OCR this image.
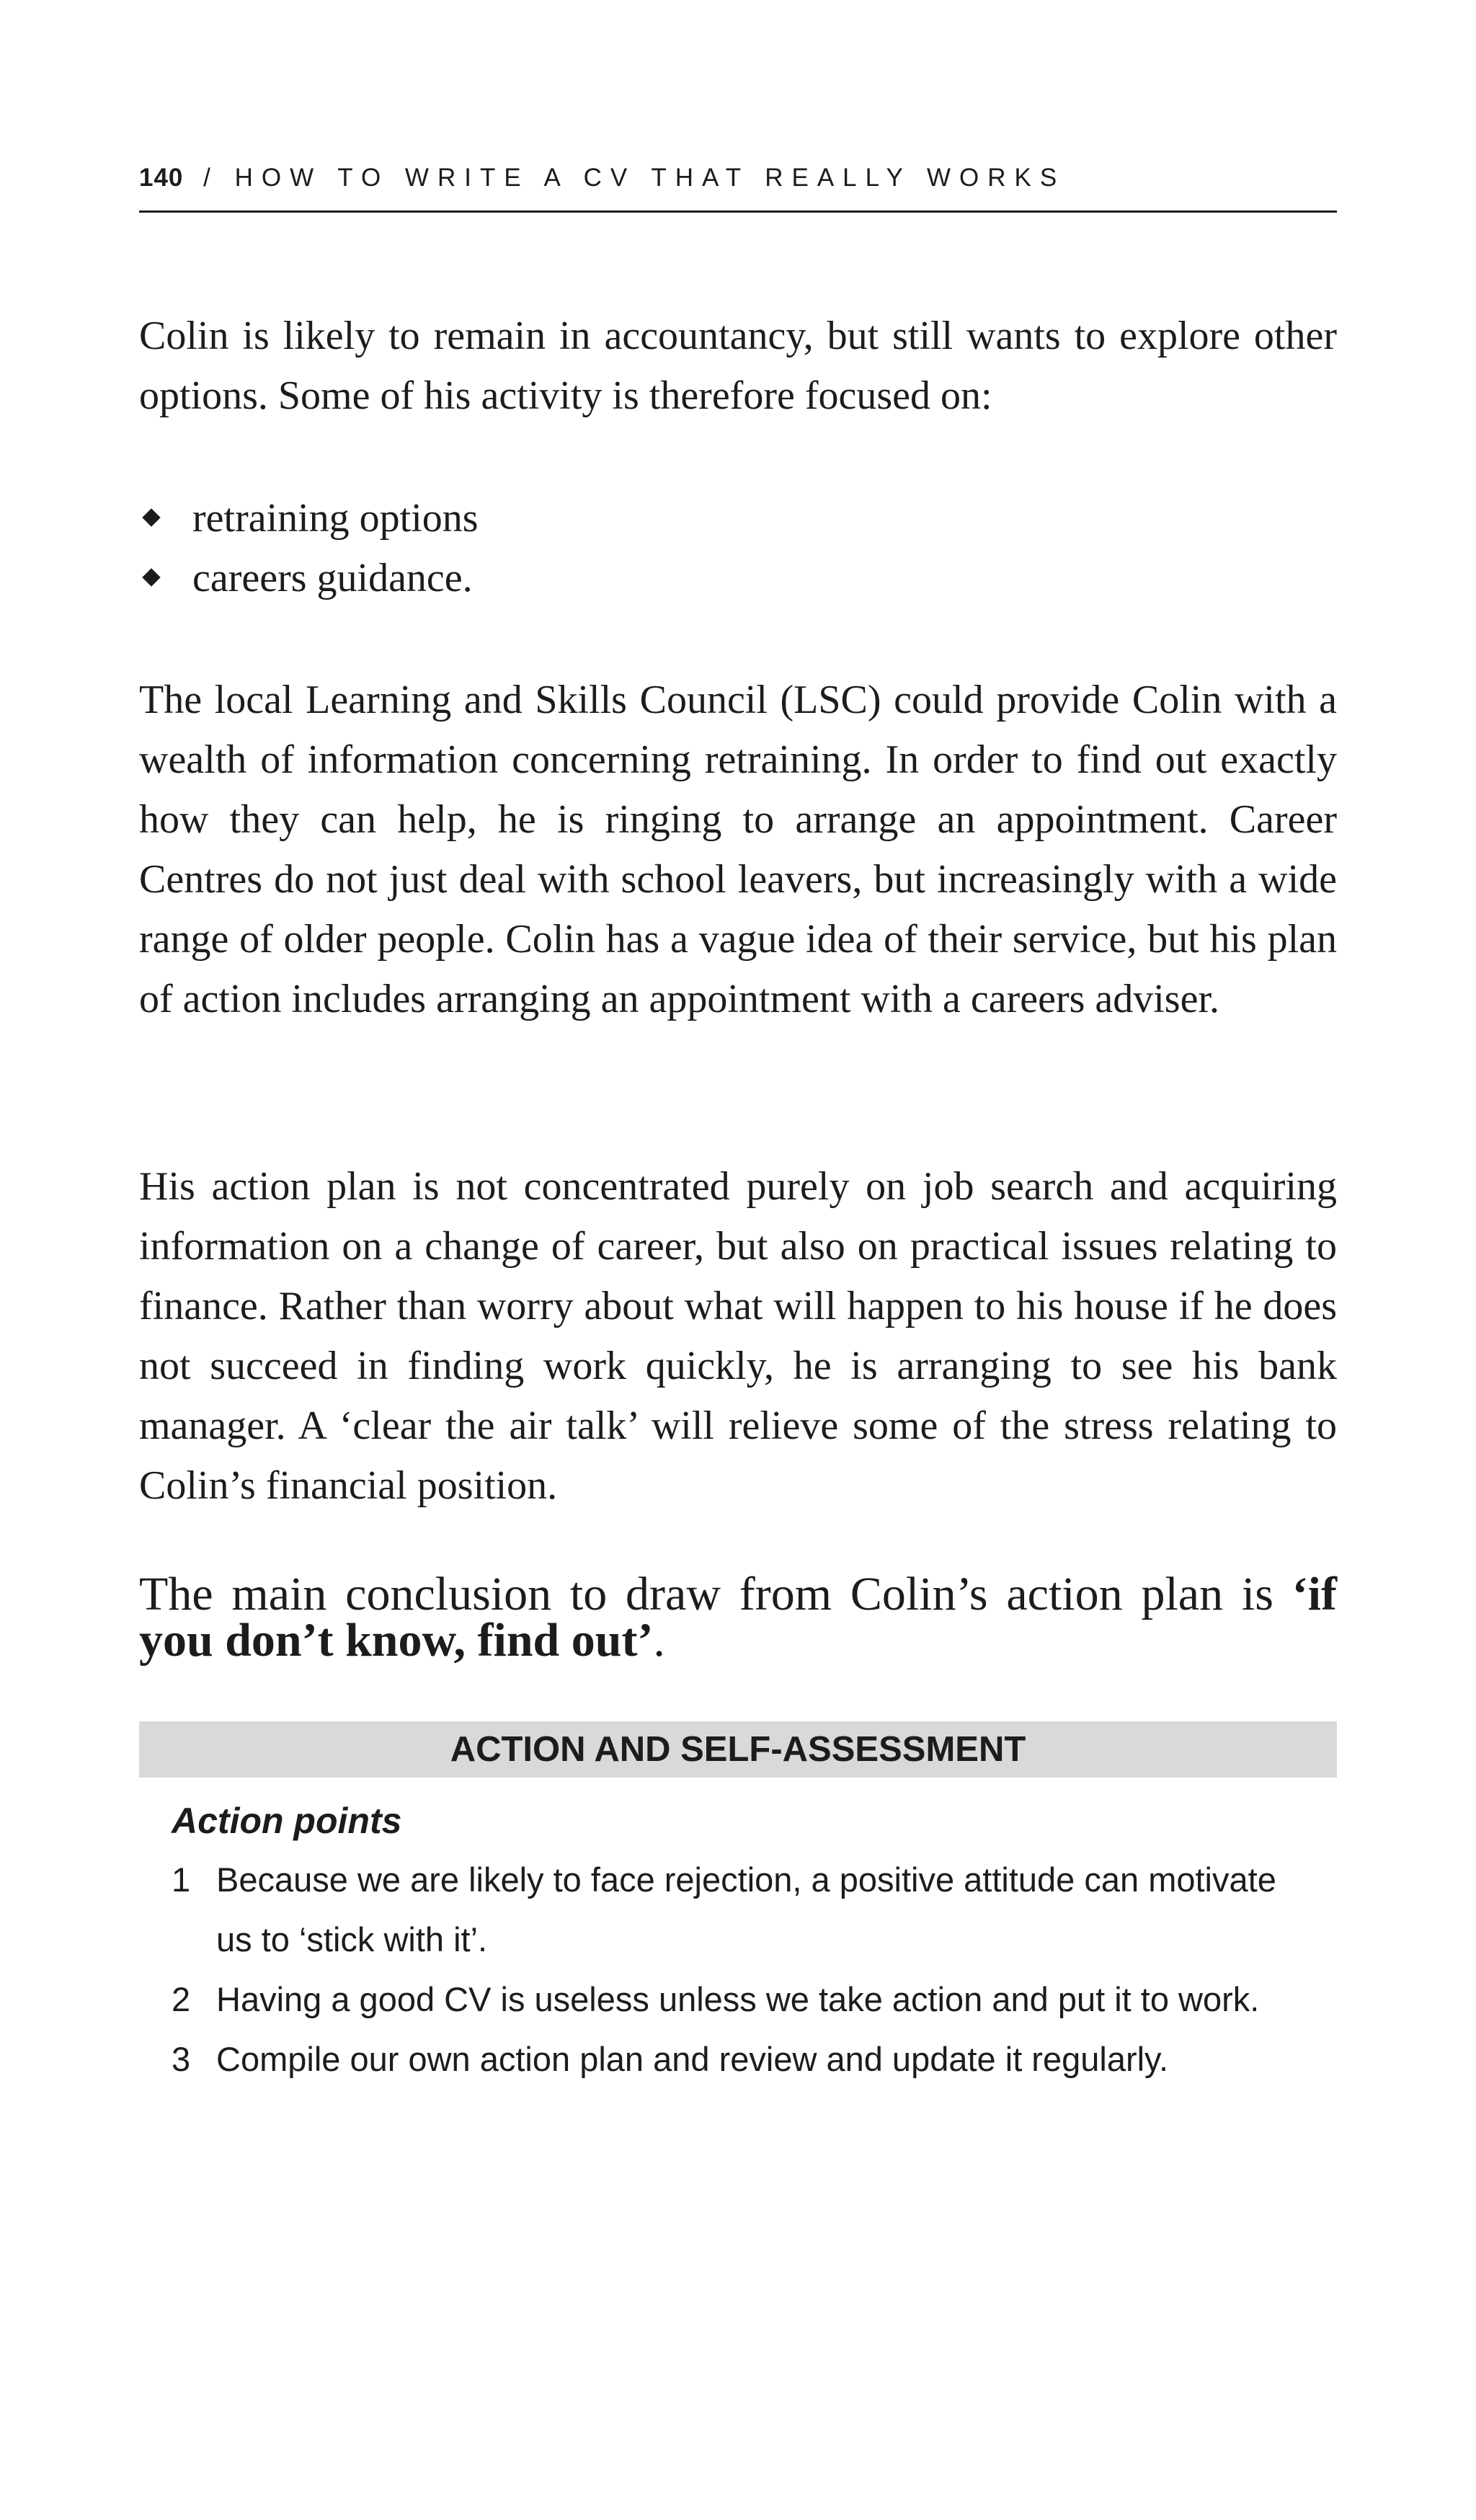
140 / HOW TO WRITE A CV THAT REALLY WORKS

Colin is likely to remain in accountancy, but still wants to explore other options. Some of his activity is therefore focused on:

retraining options
careers guidance.

The local Learning and Skills Council (LSC) could provide Colin with a wealth of information concerning retraining. In order to find out exactly how they can help, he is ringing to arrange an appointment. Career Centres do not just deal with school leavers, but increasingly with a wide range of older people. Colin has a vague idea of their service, but his plan of action includes arranging an appointment with a careers adviser.

His action plan is not concentrated purely on job search and acquiring information on a change of career, but also on practical issues relating to finance. Rather than worry about what will happen to his house if he does not succeed in finding work quickly, he is arranging to see his bank manager. A ‘clear the air talk’ will relieve some of the stress relating to Colin’s financial position.

The main conclusion to draw from Colin’s action plan is ‘if you don’t know, find out’.

ACTION AND SELF-ASSESSMENT

Action points

1 Because we are likely to face rejection, a positive attitude can motivate us to ‘stick with it’.
2 Having a good CV is useless unless we take action and put it to work.
3 Compile our own action plan and review and update it regularly.
